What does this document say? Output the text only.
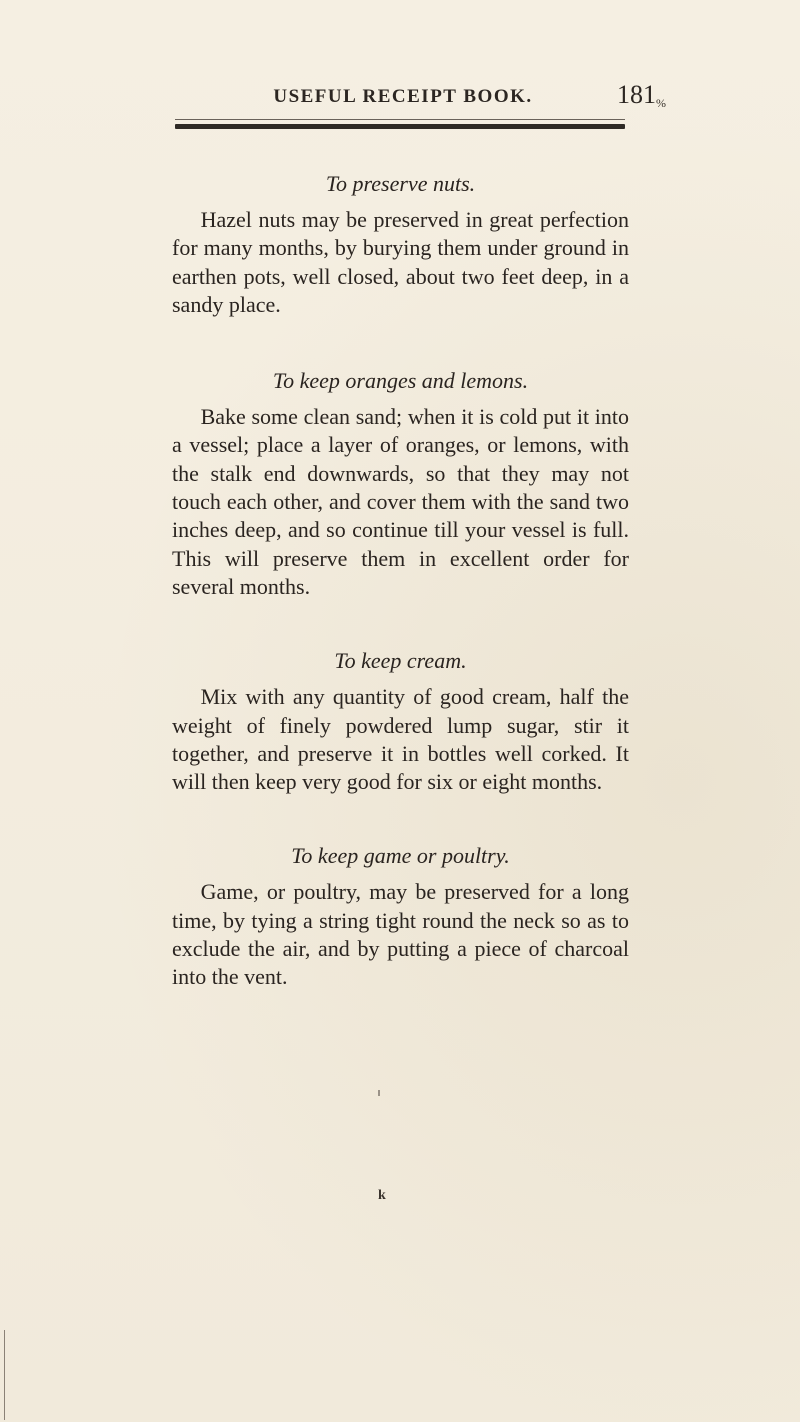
USEFUL RECEIPT BOOK.	181 %

To preserve nuts.

Hazel nuts may be preserved in great perfection for many months, by burying them under ground in earthen pots, well closed, about two feet deep, in a sandy place.

To keep oranges and lemons.

Bake some clean sand; when it is cold put it into a vessel; place a layer of oranges, or lemons, with the stalk end downwards, so that they may not touch each other, and cover them with the sand two inches deep, and so continue till your vessel is full. This will preserve them in excellent order for several months.

To keep cream.

Mix with any quantity of good cream, half the weight of finely powdered lump sugar, stir it together, and preserve it in bottles well corked. It will then keep very good for six or eight months.

To keep game or poultry.

Game, or poultry, may be preserved for a long time, by tying a string tight round the neck so as to exclude the air, and by putting a piece of charcoal into the vent.

k
